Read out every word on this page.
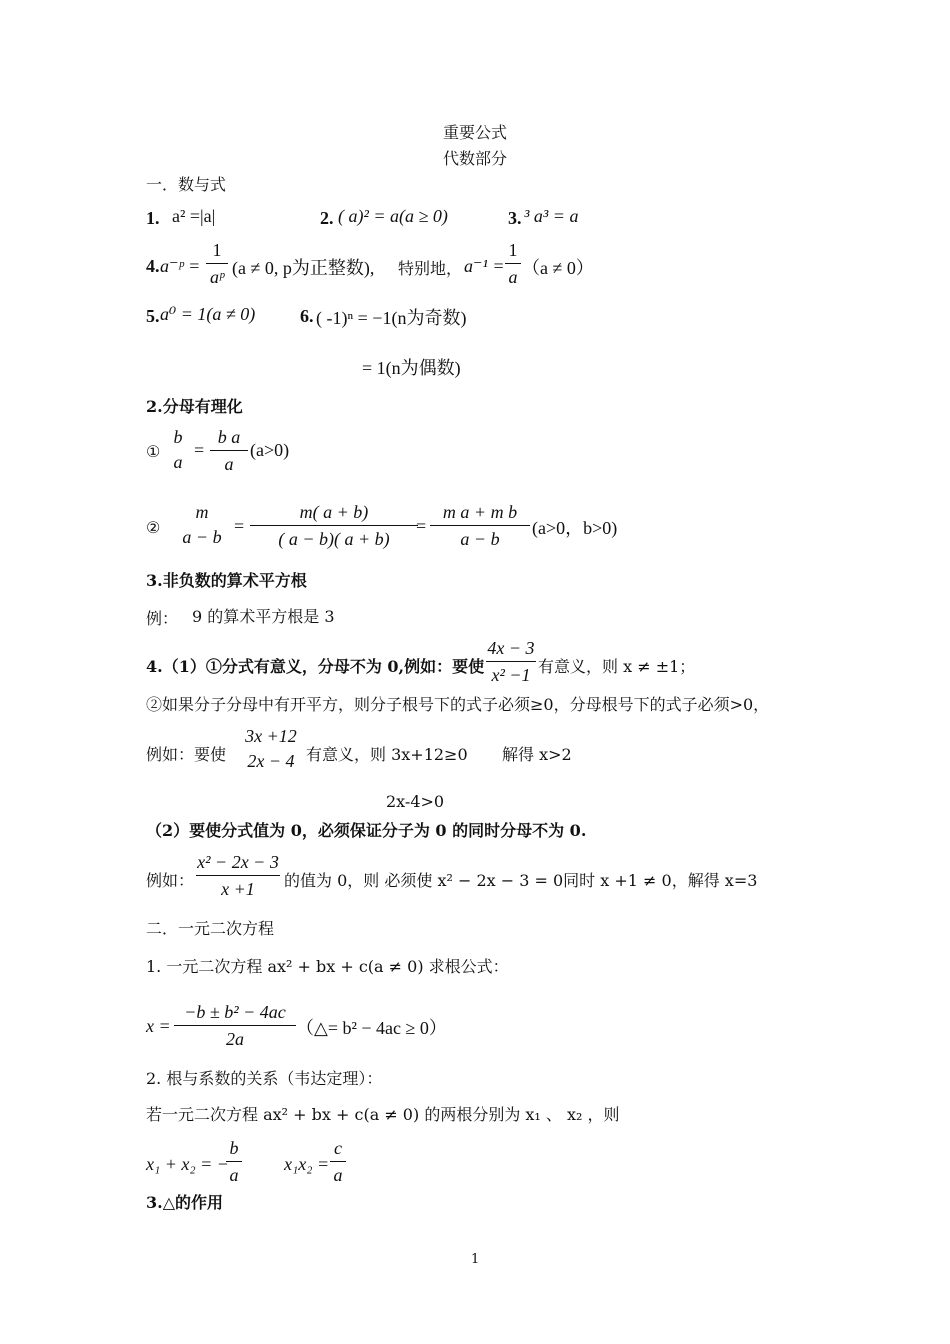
重要公式
代数部分
一．数与式
1. a² =|a|	2. ( a)² = a(a ≥ 0)	3. ³ a³ = a
4. a⁻ᵖ =
1
aᵖ (a ≠ 0, p为正整数), 特别地， a⁻¹ =
1
a （a ≠ 0）
5. a⁰ = 1(a ≠ 0) 6. ( -1)ⁿ = −1(n为奇数)
= 1(n为偶数)
2.分母有理化
①
b
a
=
b a
a
(a>0)
②
m
a − b
=
m( a + b)
( a − b)( a + b)
=
m a + m b
a − b
(a>0，b>0)
3.非负数的算术平方根
例： 9 的算术平方根是 3
4.（1）①分式有意义，分母不为 0,例如：要使
4x − 3
x² −1 有意义，则 x ≠ ±1；
②如果分子分母中有开平方，则分子根号下的式子必须≥0，分母根号下的式子必须>0，
例如：要使
3x +12
2x − 4 有意义，则 3x+12≥0 解得 x>2
2x-4>0
（2）要使分式值为 0，必须保证分子为 0 的同时分母不为 0.
例如：
x² − 2x − 3
x +1	的值为 0，则 必须使 x² − 2x − 3 = 0同时 x +1 ≠ 0，解得 x=3
二．一元二次方程
1. 一元二次方程 ax² + bx + c(a ≠ 0) 求根公式：
x =
−b ± b² − 4ac
2a
（△= b² − 4ac ≥ 0）
2. 根与系数的关系（韦达定理）：
若一元二次方程 ax² + bx + c(a ≠ 0) 的两根分别为 x₁ 、 x₂ ，则
x₁ + x₂ = −
b
a
x₁x₂ =
c
a
3.△的作用
1
